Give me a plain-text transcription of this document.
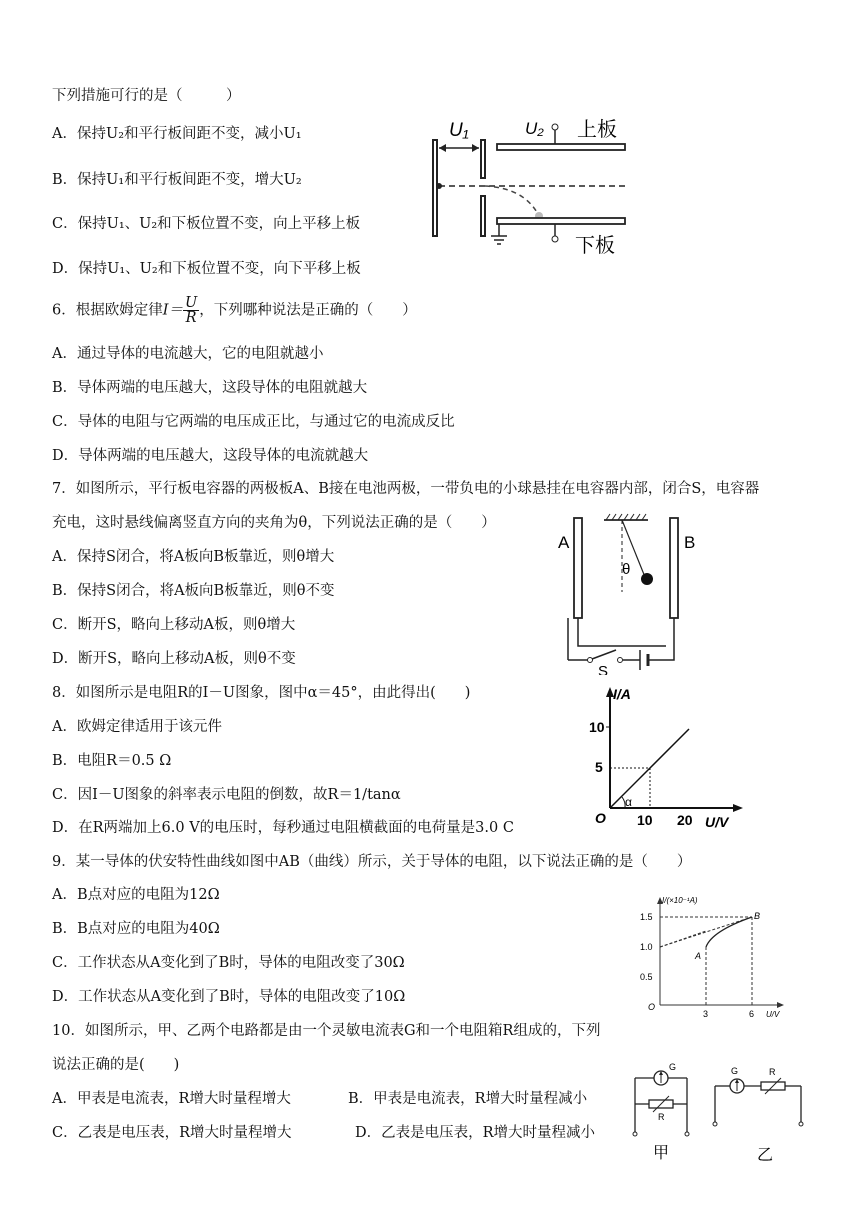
下列措施可行的是（　　　）
A．保持U₂和平行板间距不变，减小U₁
B．保持U₁和平行板间距不变，增大U₂
C．保持U₁、U₂和下板位置不变，向上平移上板
D．保持U₁、U₂和下板位置不变，向下平移上板
A．通过导体的电流越大，它的电阻就越小
B．导体两端的电压越大，这段导体的电阻就越大
C．导体的电阻与它两端的电压成正比，与通过它的电流成反比
D．导体两端的电压越大，这段导体的电流就越大
7．如图所示，平行板电容器的两极板A、B接在电池两极，一带负电的小球悬挂在电容器内部，闭合S，电容器
充电，这时悬线偏离竖直方向的夹角为θ，下列说法正确的是（　　）
A．保持S闭合，将A板向B板靠近，则θ增大
B．保持S闭合，将A板向B板靠近，则θ不变
C．断开S，略向上移动A板，则θ增大
D．断开S，略向上移动A板，则θ不变
8．如图所示是电阻R的I－U图象，图中α＝45°，由此得出(　　)
A．欧姆定律适用于该元件
B．电阻R＝0.5 Ω
C．因I－U图象的斜率表示电阻的倒数，故R＝1/tanα
D．在R两端加上6.0 V的电压时，每秒通过电阻横截面的电荷量是3.0 C
9．某一导体的伏安特性曲线如图中AB（曲线）所示，关于导体的电阻，以下说法正确的是（　　）
A．B点对应的电阻为12Ω
B．B点对应的电阻为40Ω
C．工作状态从A变化到了B时，导体的电阻改变了30Ω
D．工作状态从A变化到了B时，导体的电阻改变了10Ω
10．如图所示，甲、乙两个电路都是由一个灵敏电流表G和一个电阻箱R组成的，下列
说法正确的是(　　)
A．甲表是电流表，R增大时量程增大
C．乙表是电压表，R增大时量程增大
B．甲表是电流表，R增大时量程减小
D．乙表是电压表，R增大时量程减小
6．根据欧姆定律$I= \frac{U}{R}$ ，下列哪种说法是正确的（　　）
U₁	U₂ 上板
下板
A	B
θ
S
I/A
U/V
10
5
α
10 20
O
I/(×10⁻¹A)
1.5
1.0
0.5
O
A
B
3	6 U/V
G
R
甲
G	R
乙
